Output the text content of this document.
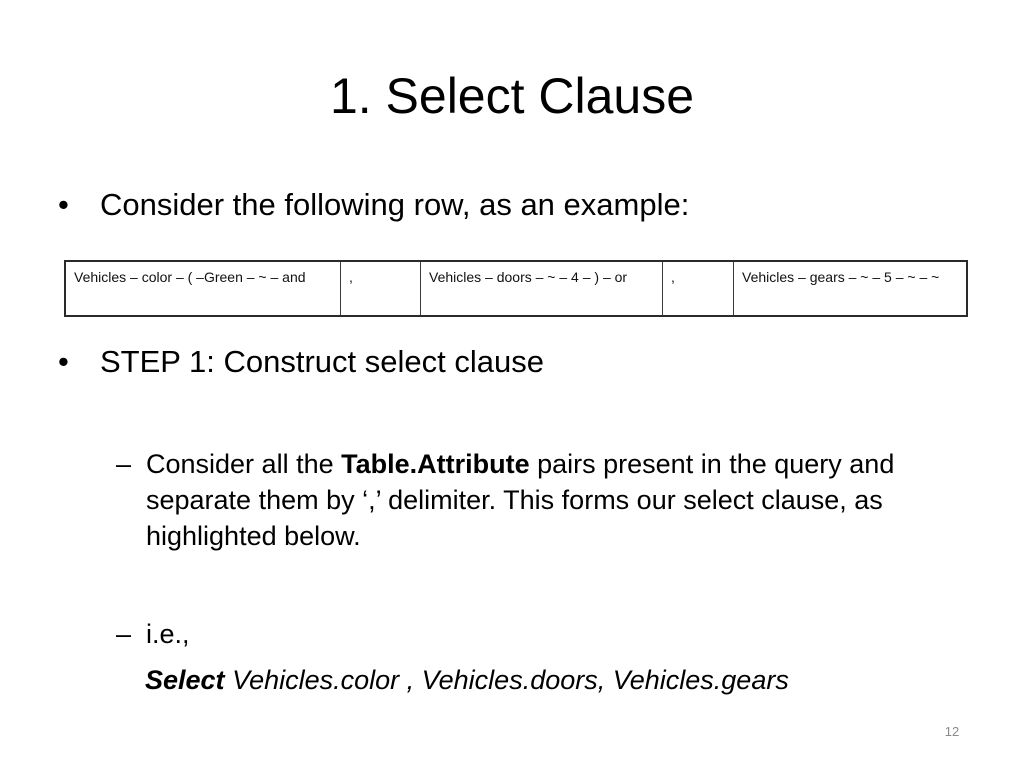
1. Select Clause
•	Consider the following row, as an example:
Vehicles – color – ( –Green – ~ – and	,	Vehicles – doors – ~ – 4 – ) – or	,	Vehicles – gears – ~ – 5 – ~ – ~
•	STEP 1: Construct select clause
– Consider all the Table.Attribute pairs present in the query and separate them by ‘,’ delimiter. This forms our select clause, as highlighted below.
– i.e.,
Select Vehicles.color , Vehicles.doors, Vehicles.gears
12
